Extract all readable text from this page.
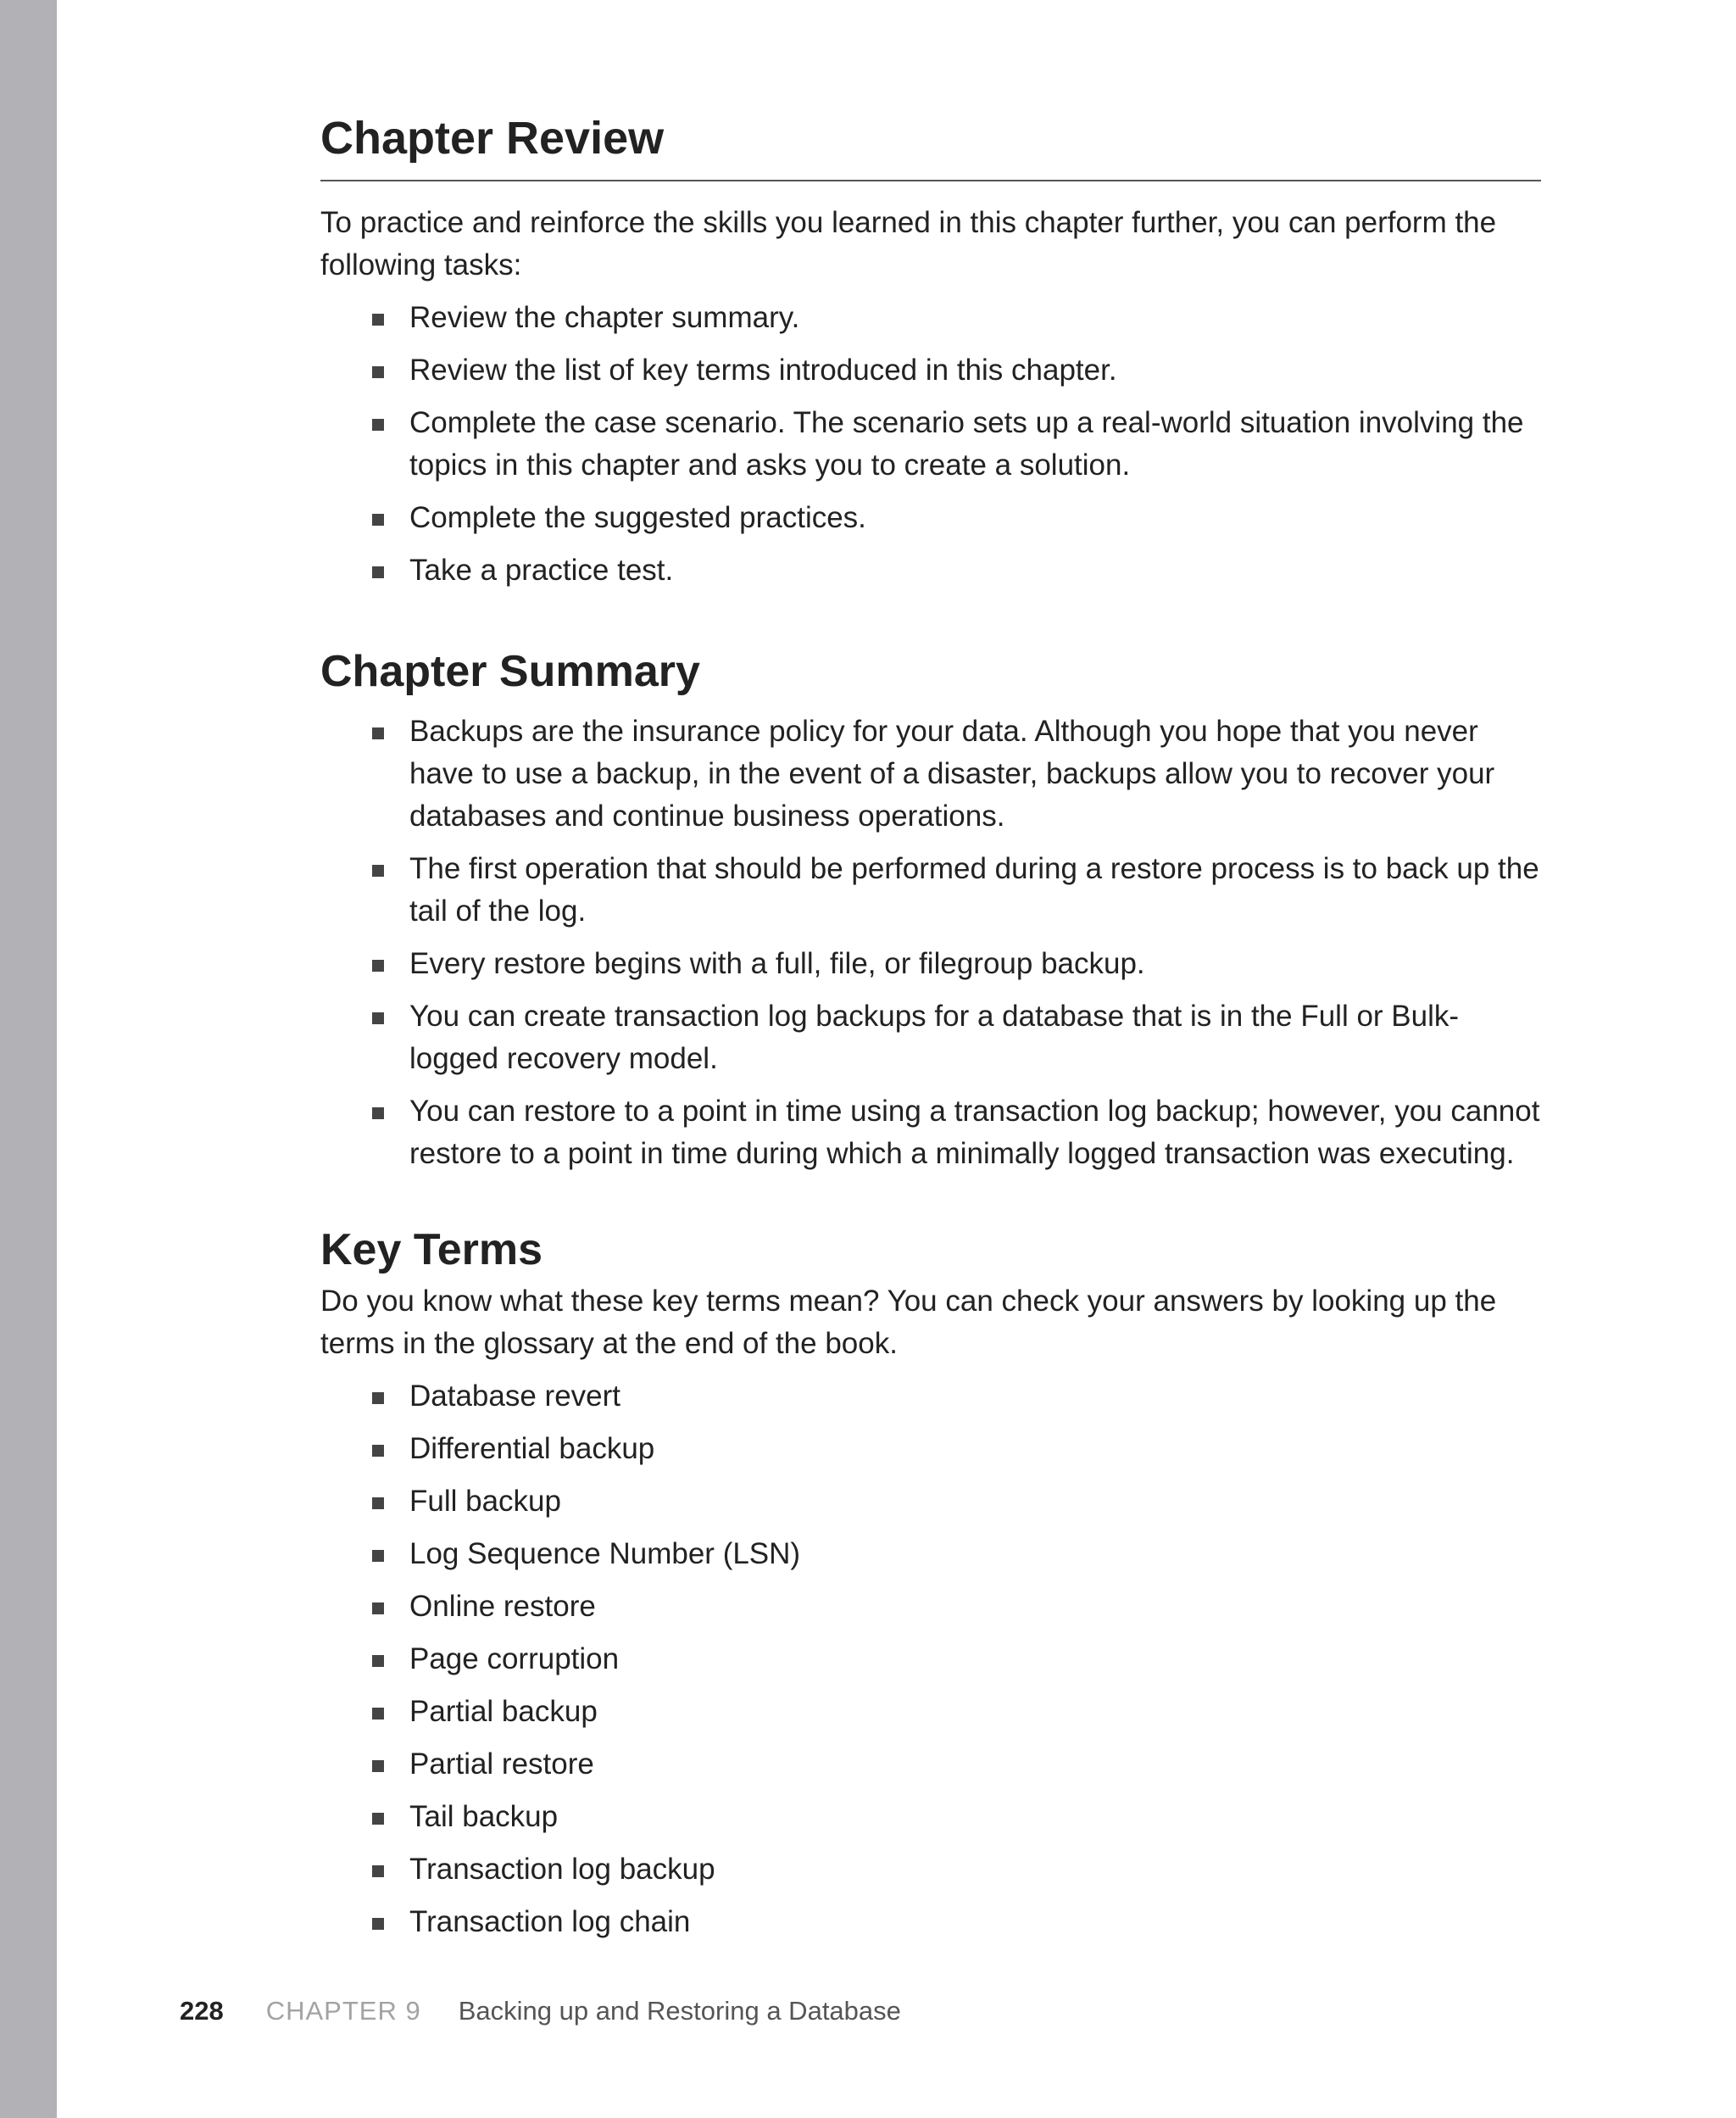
Chapter Review

To practice and reinforce the skills you learned in this chapter further, you can perform the following tasks:

Review the chapter summary.
Review the list of key terms introduced in this chapter.
Complete the case scenario. The scenario sets up a real-world situation involving the topics in this chapter and asks you to create a solution.
Complete the suggested practices.
Take a practice test.
Chapter Summary
Backups are the insurance policy for your data. Although you hope that you never have to use a backup, in the event of a disaster, backups allow you to recover your databases and continue business operations.
The first operation that should be performed during a restore process is to back up the tail of the log.
Every restore begins with a full, file, or filegroup backup.
You can create transaction log backups for a database that is in the Full or Bulk-logged recovery model.
You can restore to a point in time using a transaction log backup; however, you cannot restore to a point in time during which a minimally logged transaction was executing.
Key Terms

Do you know what these key terms mean? You can check your answers by looking up the terms in the glossary at the end of the book.

Database revert
Differential backup
Full backup
Log Sequence Number (LSN)
Online restore
Page corruption
Partial backup
Partial restore
Tail backup
Transaction log backup
Transaction log chain
228 CHAPTER 9 Backing up and Restoring a Database
